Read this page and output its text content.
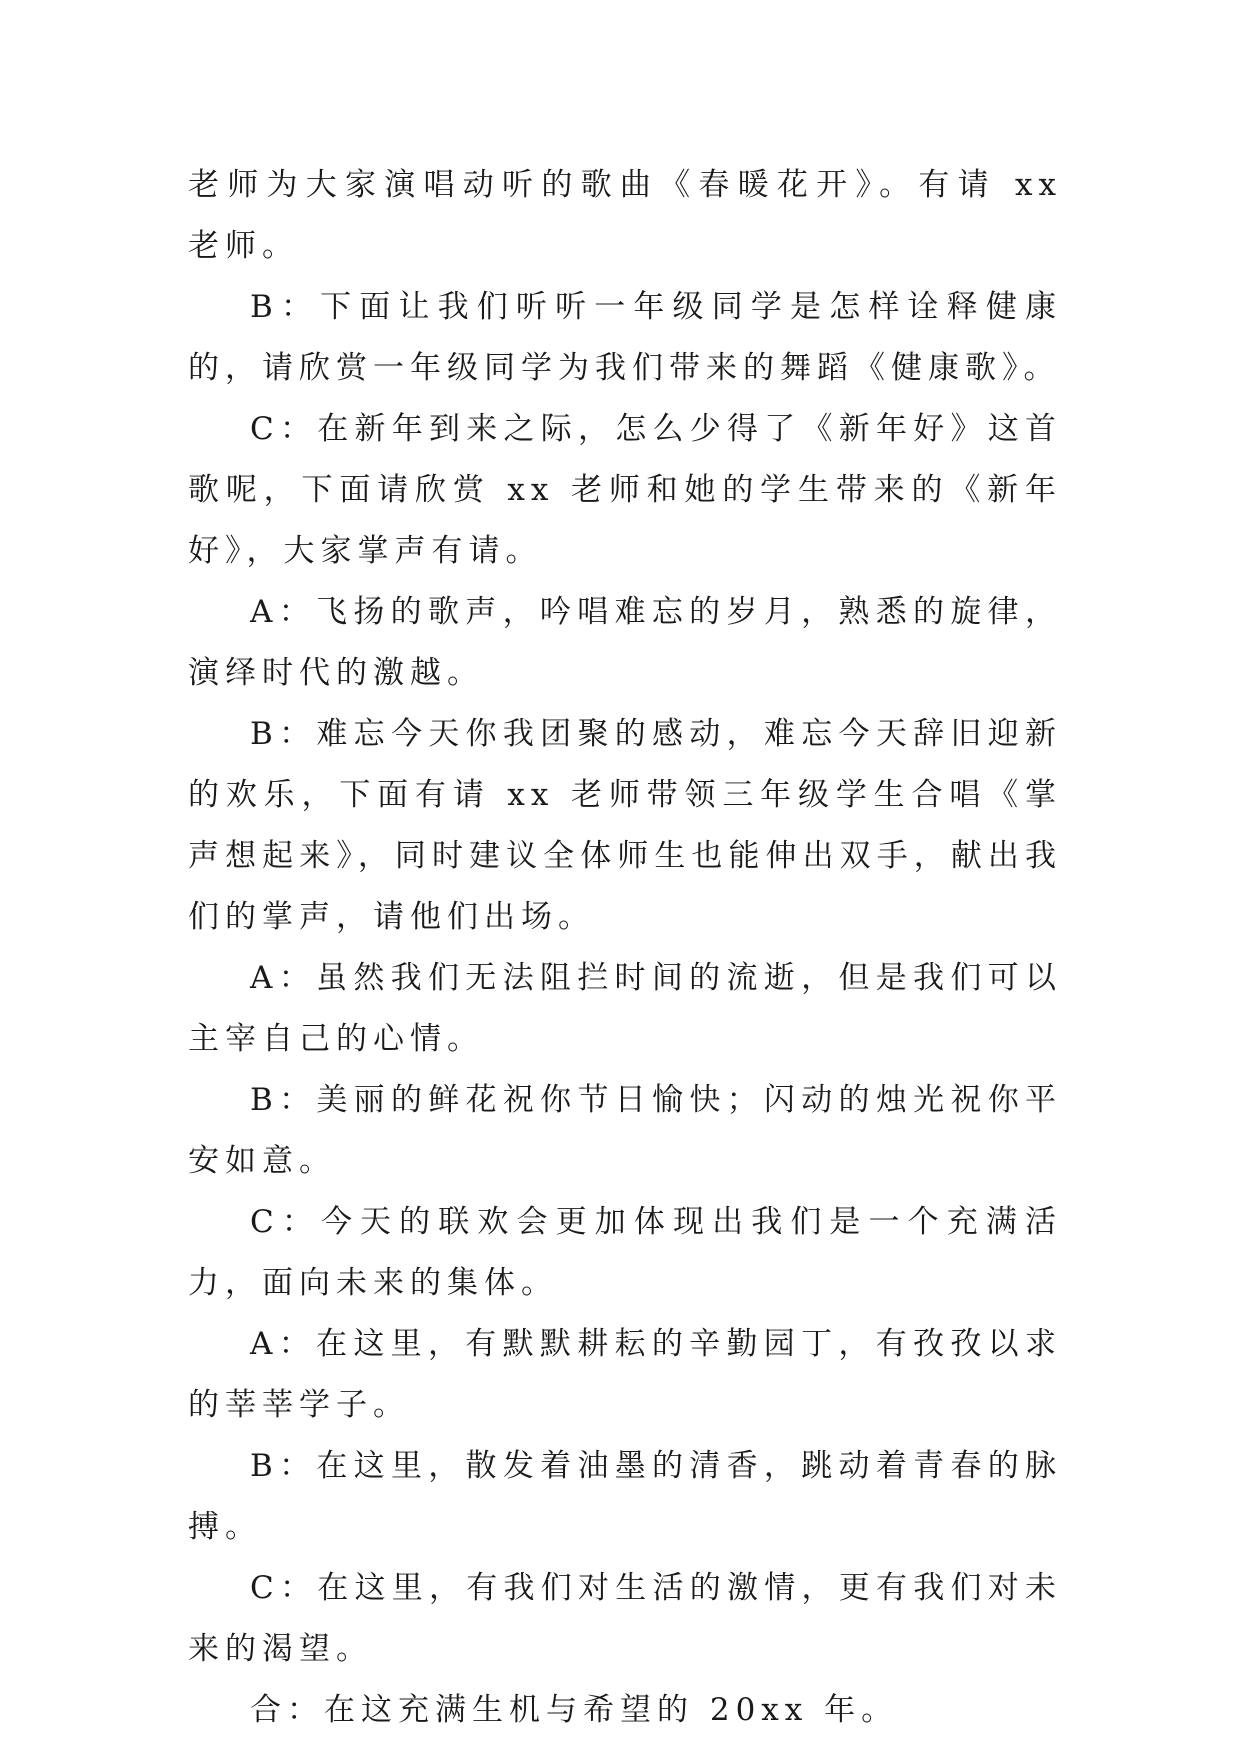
老师为大家演唱动听的歌曲《春暖花开》。有请 xx 老师。

B：下面让我们听听一年级同学是怎样诠释健康的，请欣赏一年级同学为我们带来的舞蹈《健康歌》。

C：在新年到来之际，怎么少得了《新年好》这首歌呢，下面请欣赏 xx 老师和她的学生带来的《新年好》，大家掌声有请。

A：飞扬的歌声，吟唱难忘的岁月，熟悉的旋律，演绎时代的激越。

B：难忘今天你我团聚的感动，难忘今天辞旧迎新的欢乐，下面有请 xx 老师带领三年级学生合唱《掌声想起来》，同时建议全体师生也能伸出双手，献出我们的掌声，请他们出场。

A：虽然我们无法阻拦时间的流逝，但是我们可以主宰自己的心情。

B：美丽的鲜花祝你节日愉快；闪动的烛光祝你平安如意。

C：今天的联欢会更加体现出我们是一个充满活力，面向未来的集体。

A：在这里，有默默耕耘的辛勤园丁，有孜孜以求的莘莘学子。

B：在这里，散发着油墨的清香，跳动着青春的脉搏。

C：在这里，有我们对生活的激情，更有我们对未来的渴望。

合：在这充满生机与希望的 20xx 年。
